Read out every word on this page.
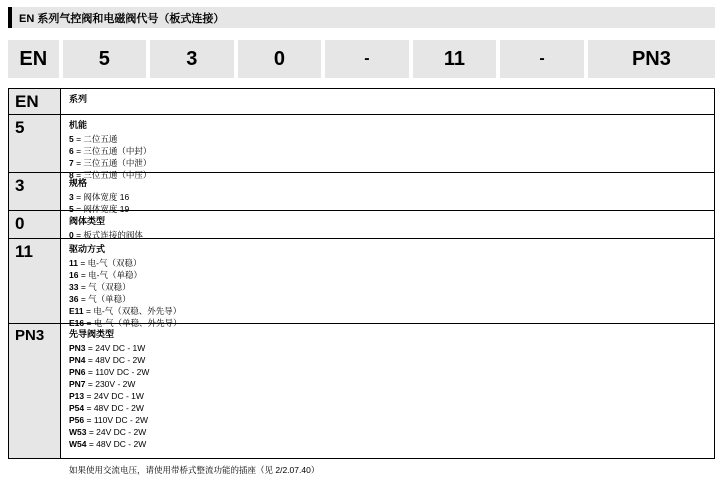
EN 系列气控阀和电磁阀代号（板式连接）
EN	5	3	0	-	11	-	PN3
EN	系列
5	机能
5 = 二位五通
6 = 三位五通（中封）
7 = 三位五通（中泄）
8 = 三位五通（中压）
3	规格
3 = 阀体宽度 16
5 = 阀体宽度 19
0	阀体类型
0 = 板式连接的阀体
11	驱动方式
11 = 电-气（双稳）
16 = 电-气（单稳）
33 = 气（双稳）
36 = 气（单稳）
E11 = 电-气（双稳、外先导）
E16 = 电-气（单稳、外先导）
PN3	先导阀类型
PN3 = 24V DC - 1W
PN4 = 48V DC - 2W
PN6 = 110V DC - 2W
PN7 = 230V - 2W
P13 = 24V DC - 1W
P54 = 48V DC - 2W
P56 = 110V DC - 2W
W53 = 24V DC - 2W
W54 = 48V DC - 2W
如果使用交流电压，请使用带桥式整流功能的插座（见 2/2.07.40）
